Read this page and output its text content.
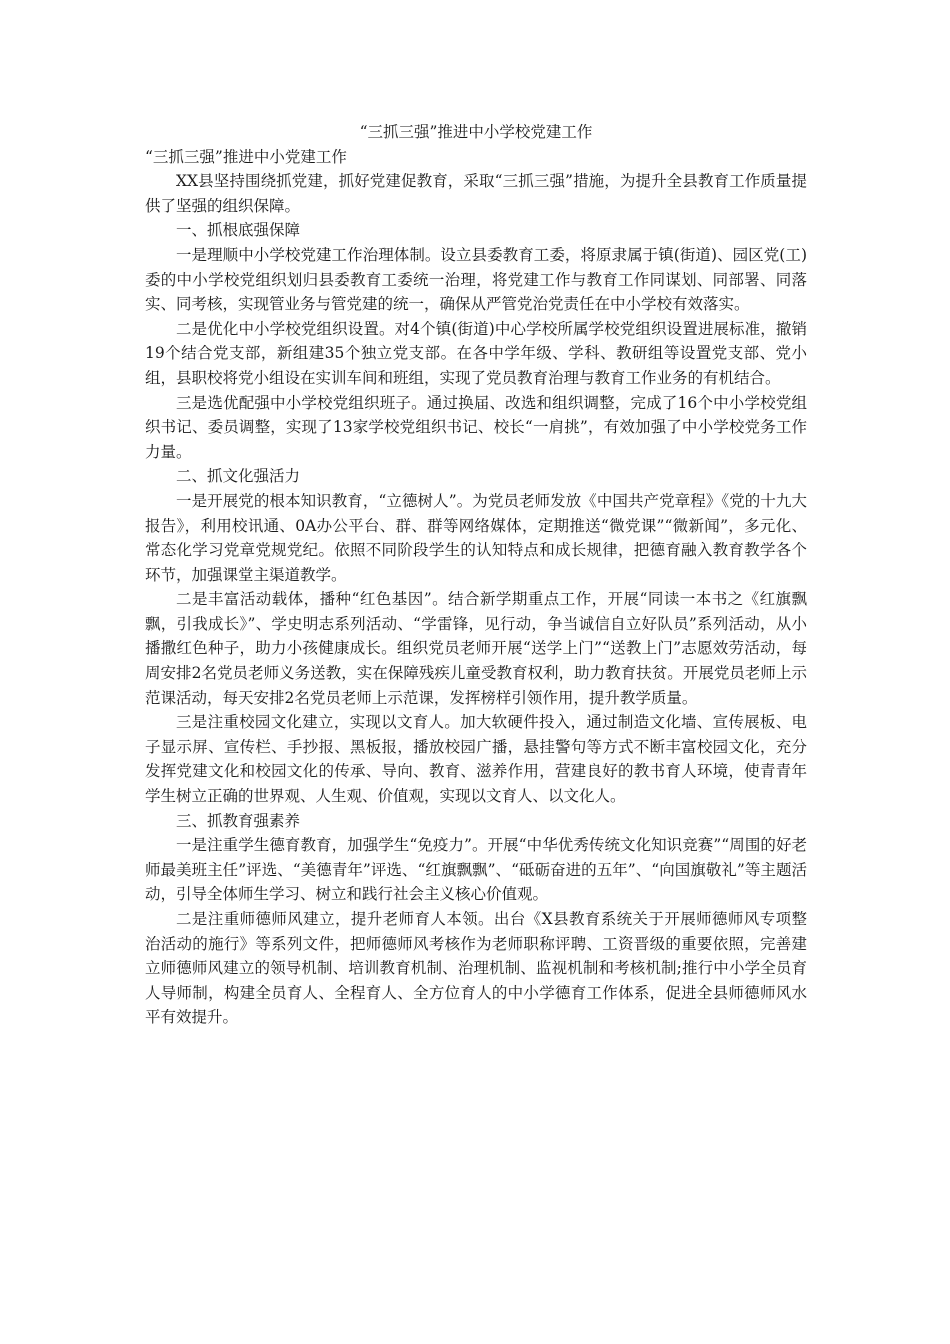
“三抓三强”推进中小学校党建工作

“三抓三强”推进中小党建工作

XX县坚持围绕抓党建，抓好党建促教育，采取“三抓三强”措施，为提升全县教育工作质量提供了坚强的组织保障。

一、抓根底强保障

一是理顺中小学校党建工作治理体制。设立县委教育工委，将原隶属于镇(街道)、园区党(工)委的中小学校党组织划归县委教育工委统一治理，将党建工作与教育工作同谋划、同部署、同落实、同考核，实现管业务与管党建的统一，确保从严管党治党责任在中小学校有效落实。

二是优化中小学校党组织设置。对4个镇(街道)中心学校所属学校党组织设置进展标准，撤销19个结合党支部，新组建35个独立党支部。在各中学年级、学科、教研组等设置党支部、党小组，县职校将党小组设在实训车间和班组，实现了党员教育治理与教育工作业务的有机结合。

三是选优配强中小学校党组织班子。通过换届、改选和组织调整，完成了16个中小学校党组织书记、委员调整，实现了13家学校党组织书记、校长“一肩挑”，有效加强了中小学校党务工作力量。

二、抓文化强活力

一是开展党的根本知识教育，“立德树人”。为党员老师发放《中国共产党章程》《党的十九大报告》，利用校讯通、0A办公平台、群、群等网络媒体，定期推送“微党课”“微新闻”，多元化、常态化学习党章党规党纪。依照不同阶段学生的认知特点和成长规律，把德育融入教育教学各个环节，加强课堂主渠道教学。

二是丰富活动载体，播种“红色基因”。结合新学期重点工作，开展“同读一本书之《红旗飘飘，引我成长》”、学史明志系列活动、“学雷锋，见行动，争当诚信自立好队员”系列活动，从小播撒红色种子，助力小孩健康成长。组织党员老师开展“送学上门”“送教上门”志愿效劳活动，每周安排2名党员老师义务送教，实在保障残疾儿童受教育权利，助力教育扶贫。开展党员老师上示范课活动，每天安排2名党员老师上示范课，发挥榜样引领作用，提升教学质量。

三是注重校园文化建立，实现以文育人。加大软硬件投入，通过制造文化墙、宣传展板、电子显示屏、宣传栏、手抄报、黑板报，播放校园广播，悬挂警句等方式不断丰富校园文化，充分发挥党建文化和校园文化的传承、导向、教育、滋养作用，营建良好的教书育人环境，使青青年学生树立正确的世界观、人生观、价值观，实现以文育人、以文化人。

三、抓教育强素养

一是注重学生德育教育，加强学生“免疫力”。开展“中华优秀传统文化知识竞赛”“周围的好老师最美班主任”评选、“美德青年”评选、“红旗飘飘”、“砥砺奋进的五年”、“向国旗敬礼”等主题活动，引导全体师生学习、树立和践行社会主义核心价值观。

二是注重师德师风建立，提升老师育人本领。出台《X县教育系统关于开展师德师风专项整治活动的施行》等系列文件，把师德师风考核作为老师职称评聘、工资晋级的重要依照，完善建立师德师风建立的领导机制、培训教育机制、治理机制、监视机制和考核机制;推行中小学全员育人导师制，构建全员育人、全程育人、全方位育人的中小学德育工作体系，促进全县师德师风水平有效提升。
